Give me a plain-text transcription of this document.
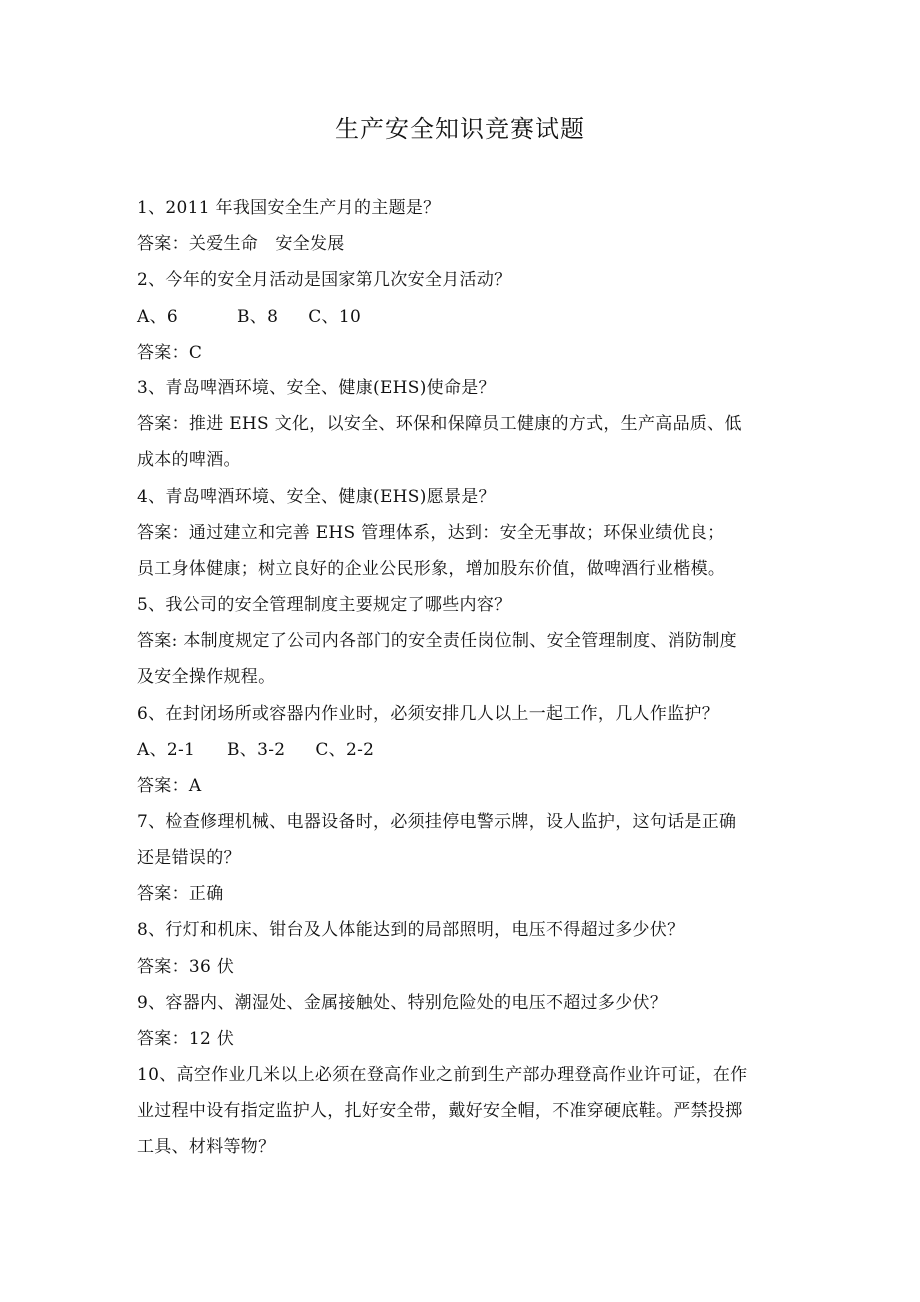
生产安全知识竞赛试题
1、2011 年我国安全生产月的主题是？
答案：关爱生命　安全发展
2、今年的安全月活动是国家第几次安全月活动？
A、6	B、8 C、10
答案：C
3、青岛啤酒环境、安全、健康(EHS)使命是？
答案：推进 EHS 文化，以安全、环保和保障员工健康的方式，生产高品质、低
成本的啤酒。
4、青岛啤酒环境、安全、健康(EHS)愿景是？
答案：通过建立和完善 EHS 管理体系，达到：安全无事故；环保业绩优良；
员工身体健康；树立良好的企业公民形象，增加股东价值，做啤酒行业楷模。
5、我公司的安全管理制度主要规定了哪些内容？
答案: 本制度规定了公司内各部门的安全责任岗位制、安全管理制度、消防制度
及安全操作规程。
6、在封闭场所或容器内作业时，必须安排几人以上一起工作，几人作监护？
A、2-1 B、3-2 C、2-2
答案：A
7、检查修理机械、电器设备时，必须挂停电警示牌，设人监护，这句话是正确
还是错误的？
答案：正确
8、行灯和机床、钳台及人体能达到的局部照明，电压不得超过多少伏？
答案：36 伏
9、容器内、潮湿处、金属接触处、特别危险处的电压不超过多少伏？
答案：12 伏
10、高空作业几米以上必须在登高作业之前到生产部办理登高作业许可证，在作
业过程中设有指定监护人，扎好安全带，戴好安全帽，不准穿硬底鞋。严禁投掷
工具、材料等物？
